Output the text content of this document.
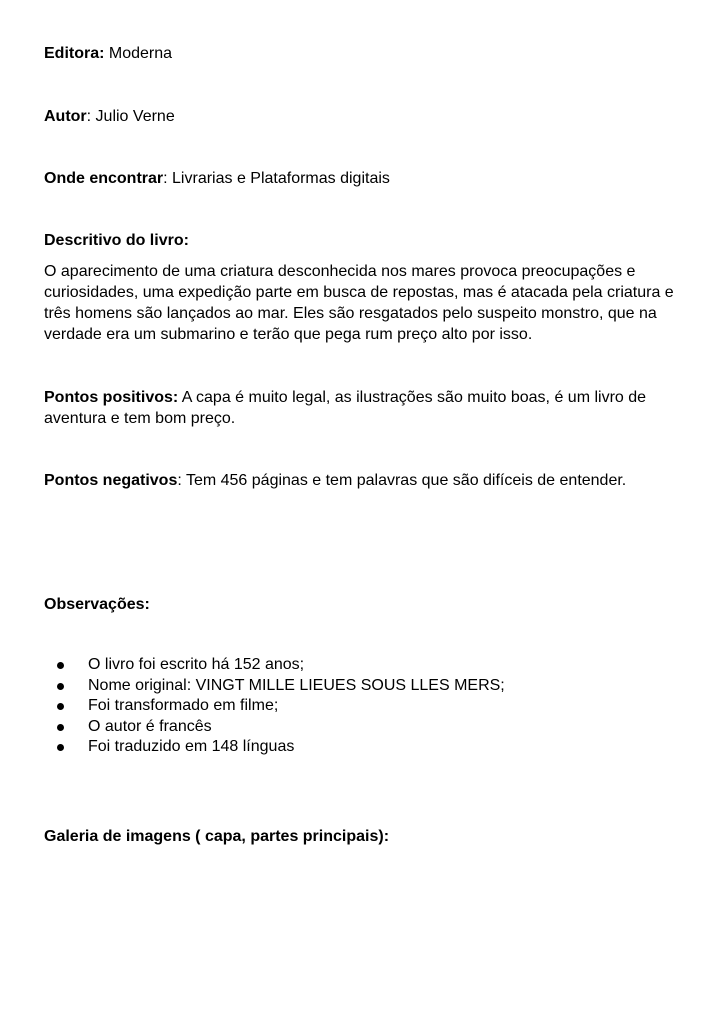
Editora: Moderna
Autor: Julio Verne
Onde encontrar: Livrarias e Plataformas digitais
Descritivo do livro:
O aparecimento de uma criatura desconhecida nos mares provoca preocupações e curiosidades, uma expedição parte em busca de repostas, mas é atacada pela criatura e três homens são lançados ao mar. Eles são resgatados pelo suspeito monstro, que na verdade era um submarino e terão que pega rum preço alto por isso.
Pontos positivos: A capa é muito legal, as ilustrações são muito boas, é um livro de aventura e tem bom preço.
Pontos negativos: Tem 456 páginas e tem palavras que são difíceis de entender.
Observações:
O livro foi escrito há 152 anos;
Nome original: VINGT MILLE LIEUES SOUS LLES MERS;
Foi transformado em filme;
O autor é francês
Foi traduzido em 148 línguas
Galeria de imagens ( capa, partes principais):
